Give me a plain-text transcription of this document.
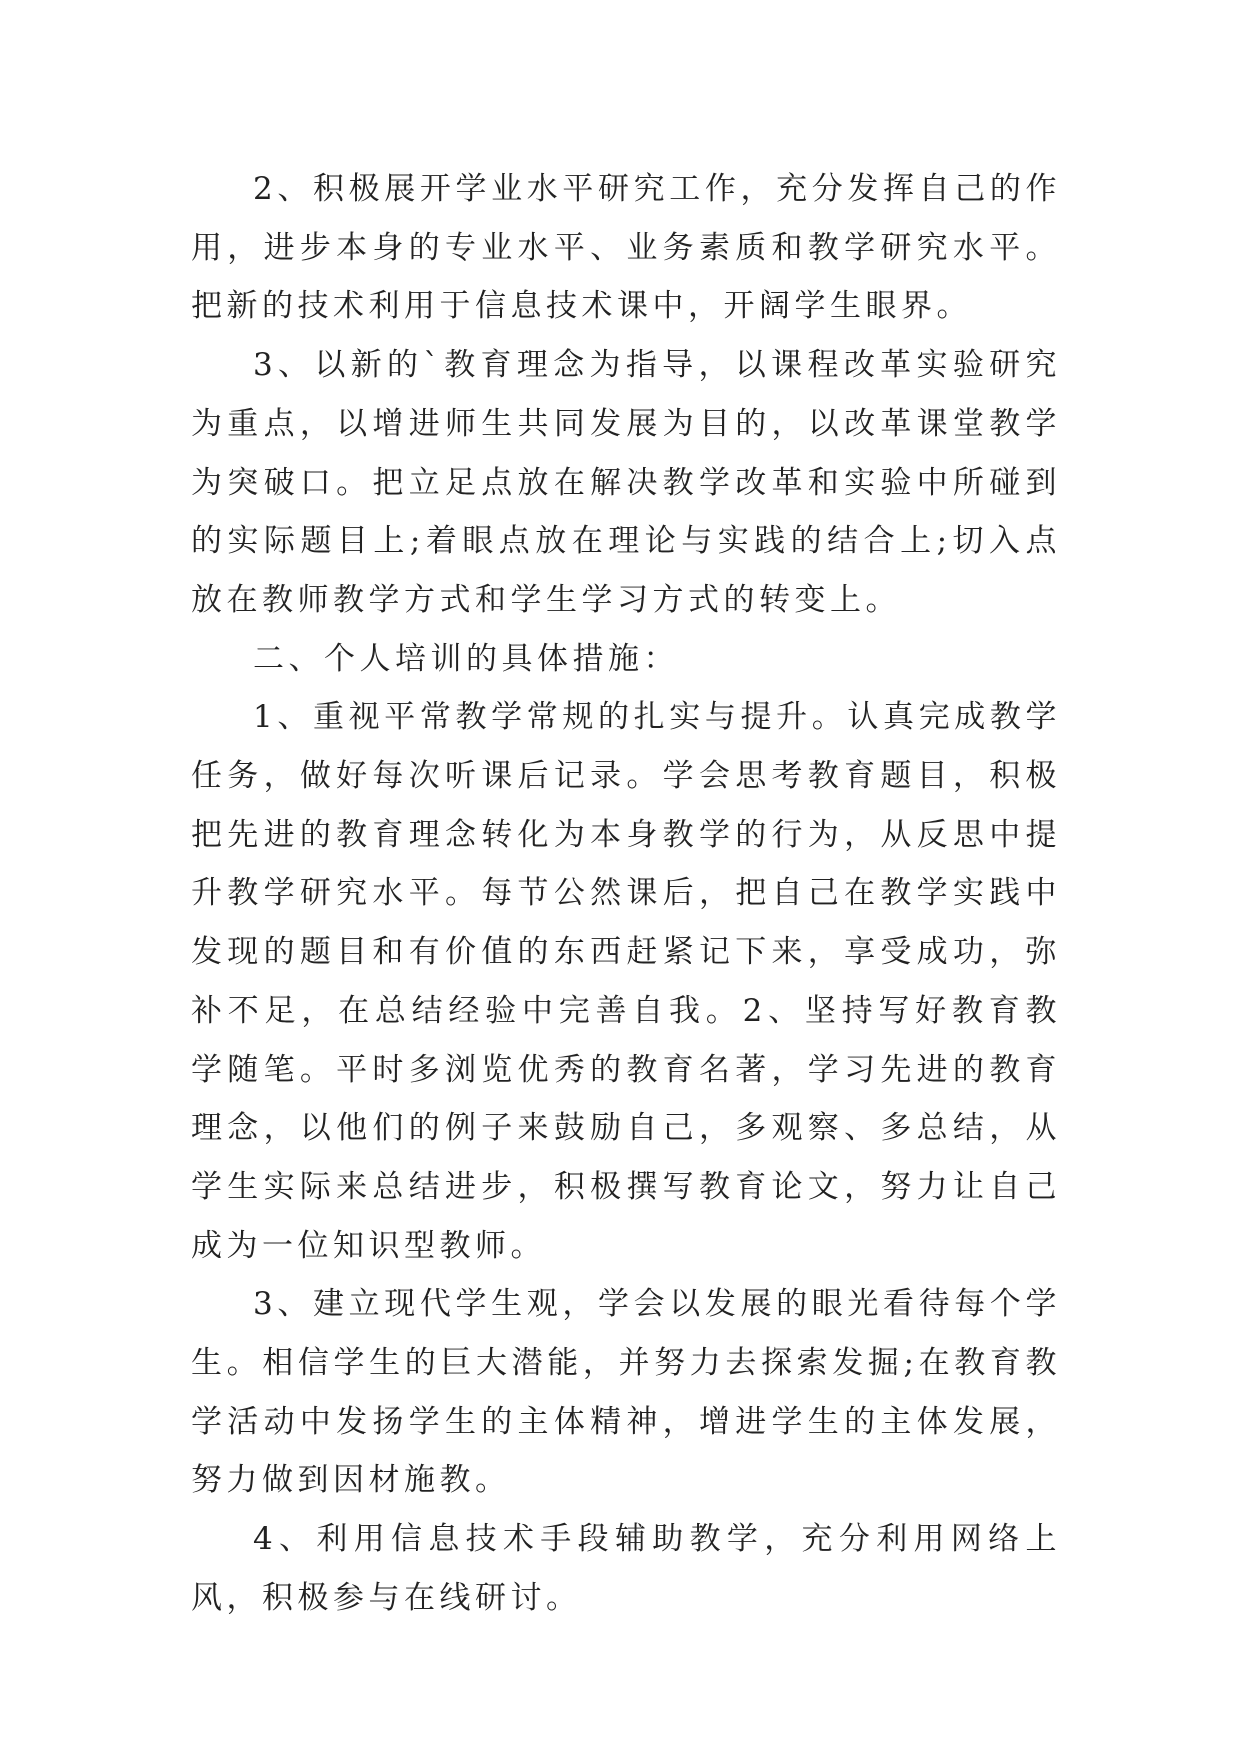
2、积极展开学业水平研究工作，充分发挥自己的作用，进步本身的专业水平、业务素质和教学研究水平。把新的技术利用于信息技术课中，开阔学生眼界。

3、以新的`教育理念为指导，以课程改革实验研究为重点，以增进师生共同发展为目的，以改革课堂教学为突破口。把立足点放在解决教学改革和实验中所碰到的实际题目上;着眼点放在理论与实践的结合上;切入点放在教师教学方式和学生学习方式的转变上。

二、个人培训的具体措施：

1、重视平常教学常规的扎实与提升。认真完成教学任务，做好每次听课后记录。学会思考教育题目，积极把先进的教育理念转化为本身教学的行为，从反思中提升教学研究水平。每节公然课后，把自己在教学实践中发现的题目和有价值的东西赶紧记下来，享受成功，弥补不足，在总结经验中完善自我。2、坚持写好教育教学随笔。平时多浏览优秀的教育名著，学习先进的教育理念，以他们的例子来鼓励自己，多观察、多总结，从学生实际来总结进步，积极撰写教育论文，努力让自己成为一位知识型教师。

3、建立现代学生观，学会以发展的眼光看待每个学生。相信学生的巨大潜能，并努力去探索发掘;在教育教学活动中发扬学生的主体精神，增进学生的主体发展，努力做到因材施教。

4、利用信息技术手段辅助教学，充分利用网络上风，积极参与在线研讨。
